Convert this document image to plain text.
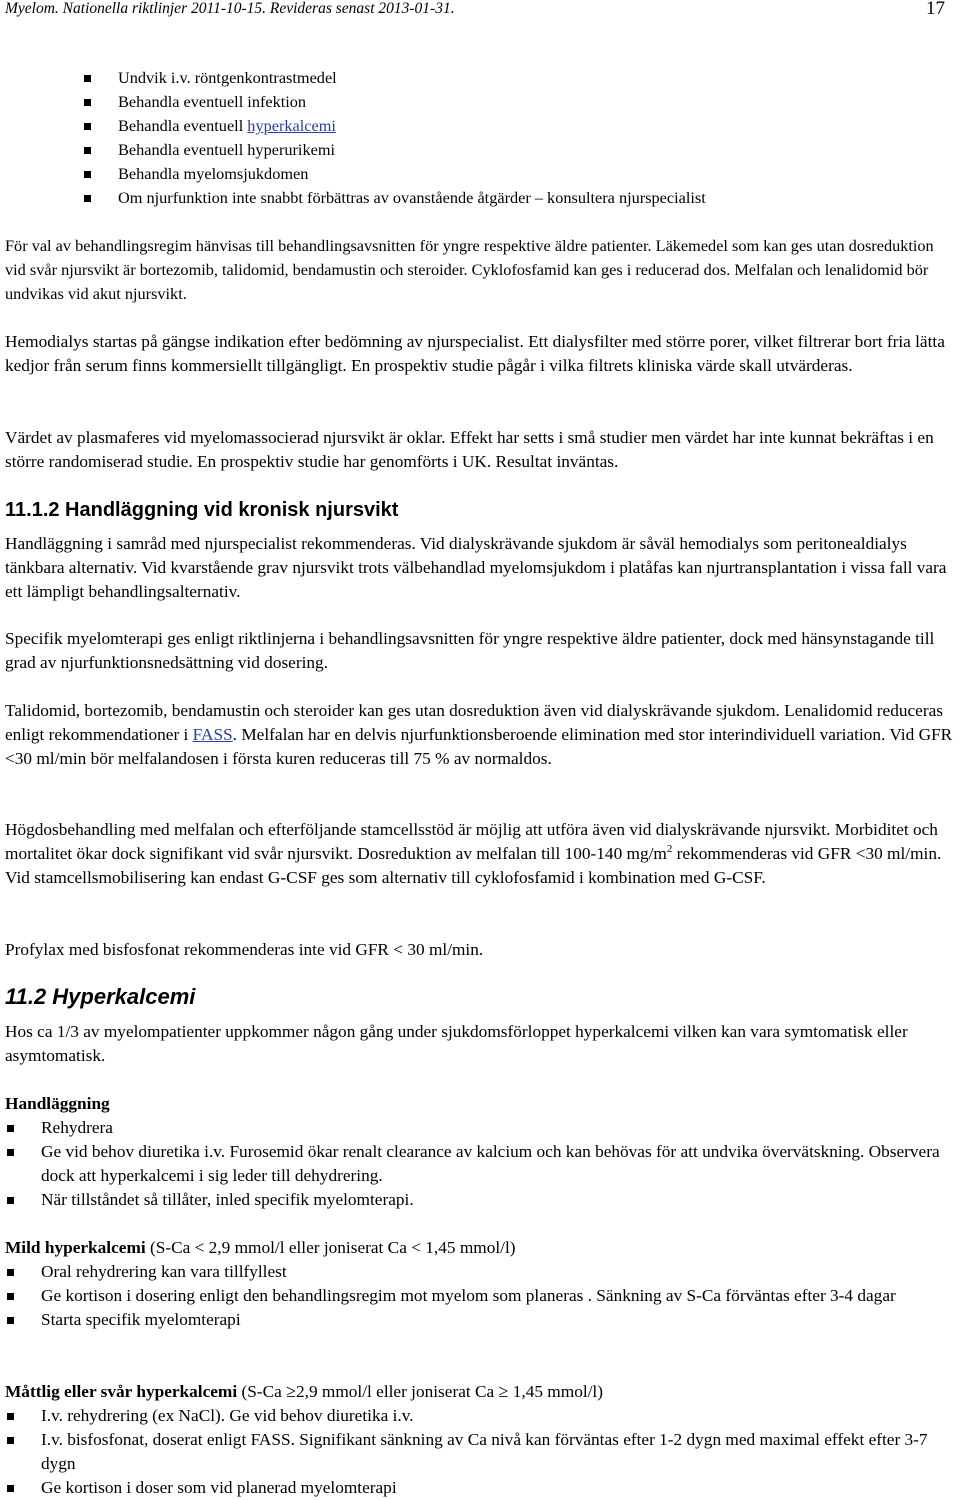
Myelom. Nationella riktlinjer 2011-10-15. Revideras senast 2013-01-31.	17
Undvik i.v. röntgenkontrastmedel
Behandla eventuell infektion
Behandla eventuell hyperkalcemi
Behandla eventuell hyperurikemi
Behandla myelomsjukdomen
Om njurfunktion inte snabbt förbättras av ovanstående åtgärder – konsultera njurspecialist
För val av behandlingsregim hänvisas till behandlingsavsnitten för yngre respektive äldre patienter. Läkemedel som kan ges utan dosreduktion vid svår njursvikt är bortezomib, talidomid, bendamustin och steroider. Cyklofosfamid kan ges i reducerad dos. Melfalan och lenalidomid bör undvikas vid akut njursvikt.
Hemodialys startas på gängse indikation efter bedömning av njurspecialist. Ett dialysfilter med större porer, vilket filtrerar bort fria lätta kedjor från serum finns kommersiellt tillgängligt. En prospektiv studie pågår i vilka filtrets kliniska värde skall utvärderas.
Värdet av plasmaferes vid myelomassocierad njursvikt är oklar. Effekt har setts i små studier men värdet har inte kunnat bekräftas i en större randomiserad studie. En prospektiv studie har genomförts i UK. Resultat inväntas.
11.1.2 Handläggning vid kronisk njursvikt
Handläggning i samråd med njurspecialist rekommenderas. Vid dialyskrävande sjukdom är såväl hemodialys som peritonealdialys tänkbara alternativ. Vid kvarstående grav njursvikt trots välbehandlad myelomsjukdom i platåfas kan njurtransplantation i vissa fall vara ett lämpligt behandlingsalternativ.
Specifik myelomterapi ges enligt riktlinjerna i behandlingsavsnitten för yngre respektive äldre patienter, dock med hänsynstagande till grad av njurfunktionsnedsättning vid dosering.
Talidomid, bortezomib, bendamustin och steroider kan ges utan dosreduktion även vid dialyskrävande sjukdom. Lenalidomid reduceras enligt rekommendationer i FASS. Melfalan har en delvis njurfunktionsberoende elimination med stor interindividuell variation. Vid GFR <30 ml/min bör melfalandosen i första kuren reduceras till 75 % av normaldos.
Högdosbehandling med melfalan och efterföljande stamcellsstöd är möjlig att utföra även vid dialyskrävande njursvikt. Morbiditet och mortalitet ökar dock signifikant vid svår njursvikt. Dosreduktion av melfalan till 100-140 $mg/m^2$ rekommenderas vid GFR <30 ml/min. Vid stamcellsmobilisering kan endast G-CSF ges som alternativ till cyklofosfamid i kombination med G-CSF.
Profylax med bisfosfonat rekommenderas inte vid GFR < 30 ml/min.
11.2 Hyperkalcemi
Hos ca 1/3 av myelompatienter uppkommer någon gång under sjukdomsförloppet hyperkalcemi vilken kan vara symtomatisk eller asymtomatisk.
Handläggning
Rehydrera
Ge vid behov diuretika i.v. Furosemid ökar renalt clearance av kalcium och kan behövas för att undvika övervätskning. Observera dock att hyperkalcemi i sig leder till dehydrering.
När tillståndet så tillåter, inled specifik myelomterapi.
Mild hyperkalcemi (S-Ca < 2,9 mmol/l eller joniserat Ca < 1,45 mmol/l)
Oral rehydrering kan vara tillfyllest
Ge kortison i dosering enligt den behandlingsregim mot myelom som planeras . Sänkning av S-Ca förväntas efter 3-4 dagar
Starta specifik myelomterapi
Måttlig eller svår hyperkalcemi (S-Ca ≥2,9 mmol/l eller joniserat Ca ≥ 1,45 mmol/l)
I.v. rehydrering (ex NaCl). Ge vid behov diuretika i.v.
I.v. bisfosfonat, doserat enligt FASS. Signifikant sänkning av Ca nivå kan förväntas efter 1-2 dygn med maximal effekt efter 3-7 dygn
Ge kortison i doser som vid planerad myelomterapi
